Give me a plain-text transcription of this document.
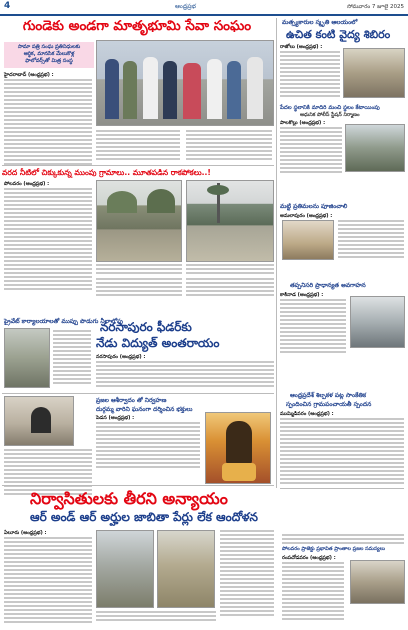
4	ఆంధ్రప్రభ	సోమవారం 7 జూలై 2025
గుండెకు అండగా మాతృభూమి సేవా సంఘం
సామా పత్రి సంఘ ప్రతినిధులకు
ఆర్థిక, మానసిక మేలుకొళ్ల
ఫాలోవర్స్‌తో మిత్ర సంస్థ
హైదరాబాద్ (ఆంధ్రప్రభ) :
వరద నీటిలో చిక్కుకున్న ముంపు గ్రామాలు.. మూతపడిన రాకపోకలు..!
పోలవరం (ఆంధ్రప్రభ) :
ప్రైవేట్ కార్యాలయాలతో ముప్పు పొడుగు నీలాలోపు
నరసాపురం ఫీడర్‌కు
నేడు విద్యుత్ అంతరాయం
నరసాపురం (ఆంధ్రప్రభ) :
ప్రజల ఆశీర్వాదం తో నిర్వహణ
దుర్గమ్మ వారిని ఘనంగా దర్శించిన భక్తులు
పెడన (ఆంధ్రప్రభ) :
నిర్వాసితులకు తీరని అన్యాయం
ఆర్ అండ్ ఆర్ అర్హుల జాబితా పేర్లు లేక ఆందోళన
ఏలూరు (ఆంధ్రప్రభ) :
మత్స్యకారుల స్మృతి ఆలయంలో
ఉచిత కంటి వైద్య శిబిరం
రాజోలు (ఆంధ్రప్రభ) :
పేదల స్థలానికి మాదిరి మంచి స్థలం కేటాయింపు
ఆధునిక పోలీస్ స్టేషన్ నిర్మాణం
పాలకొల్లు (ఆంధ్రప్రభ) :
మట్టి ప్రతిమలను పూజించాలి
అమలాపురం (ఆంధ్రప్రభ) :
తప్పనిసరి ప్రాధాన్యత అవగాహన
కాకినాడ (ఆంధ్రప్రభ) :
ఆంధ్రప్రదేశ్ శిల్పకళ పట్ల సాంకేతిక
స్పందించిన గ్రామపంచాయతీ స్పందన
ముమ్మిడివరం (ఆంధ్రప్రభ) :
పోలవరం ప్రాజెక్టు ప్రభావిత ప్రాంతాల ప్రజల సమస్యలు
రంపచోడవరం (ఆంధ్రప్రభ) :
